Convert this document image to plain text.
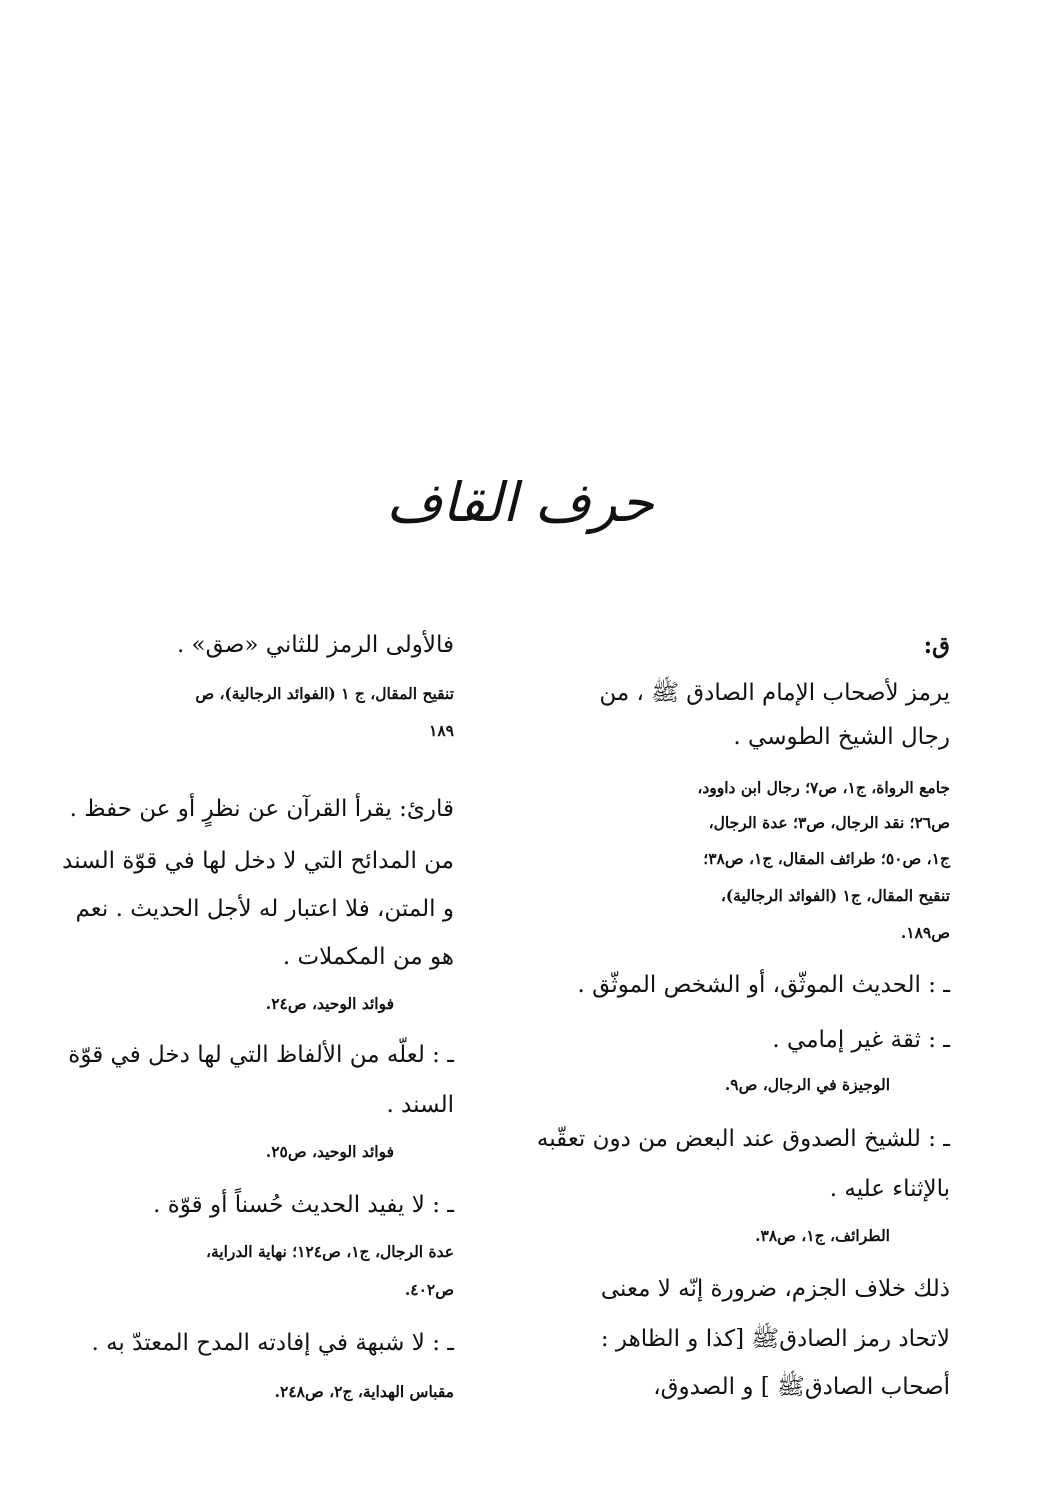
حرف القاف
ق:
يرمز لأصحاب الإمام الصادق ﷺ ، من
رجال الشيخ الطوسي .
جامع الرواة، ج١، ص٧؛ رجال ابن داوود،
ص٢٦؛ نقد الرجال، ص٣؛ عدة الرجال،
ج١، ص٥٠؛ طرائف المقال، ج١، ص٣٨؛
تنقيح المقال، ج١ (الفوائد الرجالية)،
ص١٨٩.
ـ : الحديث الموثّق، أو الشخص الموثّق .
ـ : ثقة غير إمامي .
الوجيزة في الرجال، ص٩.
ـ : للشيخ الصدوق عند البعض من دون تعقّبه
بالإثناء عليه .
الطرائف، ج١، ص٣٨.
ذلك خلاف الجزم، ضرورة إنّه لا معنى
لاتحاد رمز الصادقﷺ [كذا و الظاهر :
أصحاب الصادقﷺ ] و الصدوق،
فالأولى الرمز للثاني «صق» .
تنقيح المقال، ج ١ (الفوائد الرجالية)، ص
١٨٩
قارئ: يقرأ القرآن عن نظرٍ أو عن حفظ .
من المدائح التي لا دخل لها في قوّة السند
و المتن، فلا اعتبار له لأجل الحديث . نعم
هو من المكملات .
فوائد الوحيد، ص٢٤.
ـ : لعلّه من الألفاظ التي لها دخل في قوّة
السند .
فوائد الوحيد، ص٢٥.
ـ : لا يفيد الحديث حُسناً أو قوّة .
عدة الرجال، ج١، ص١٢٤؛ نهاية الدراية،
ص٤٠٢.
ـ : لا شبهة في إفادته المدح المعتدّ به .
مقباس الهداية، ج٢، ص٢٤٨.
